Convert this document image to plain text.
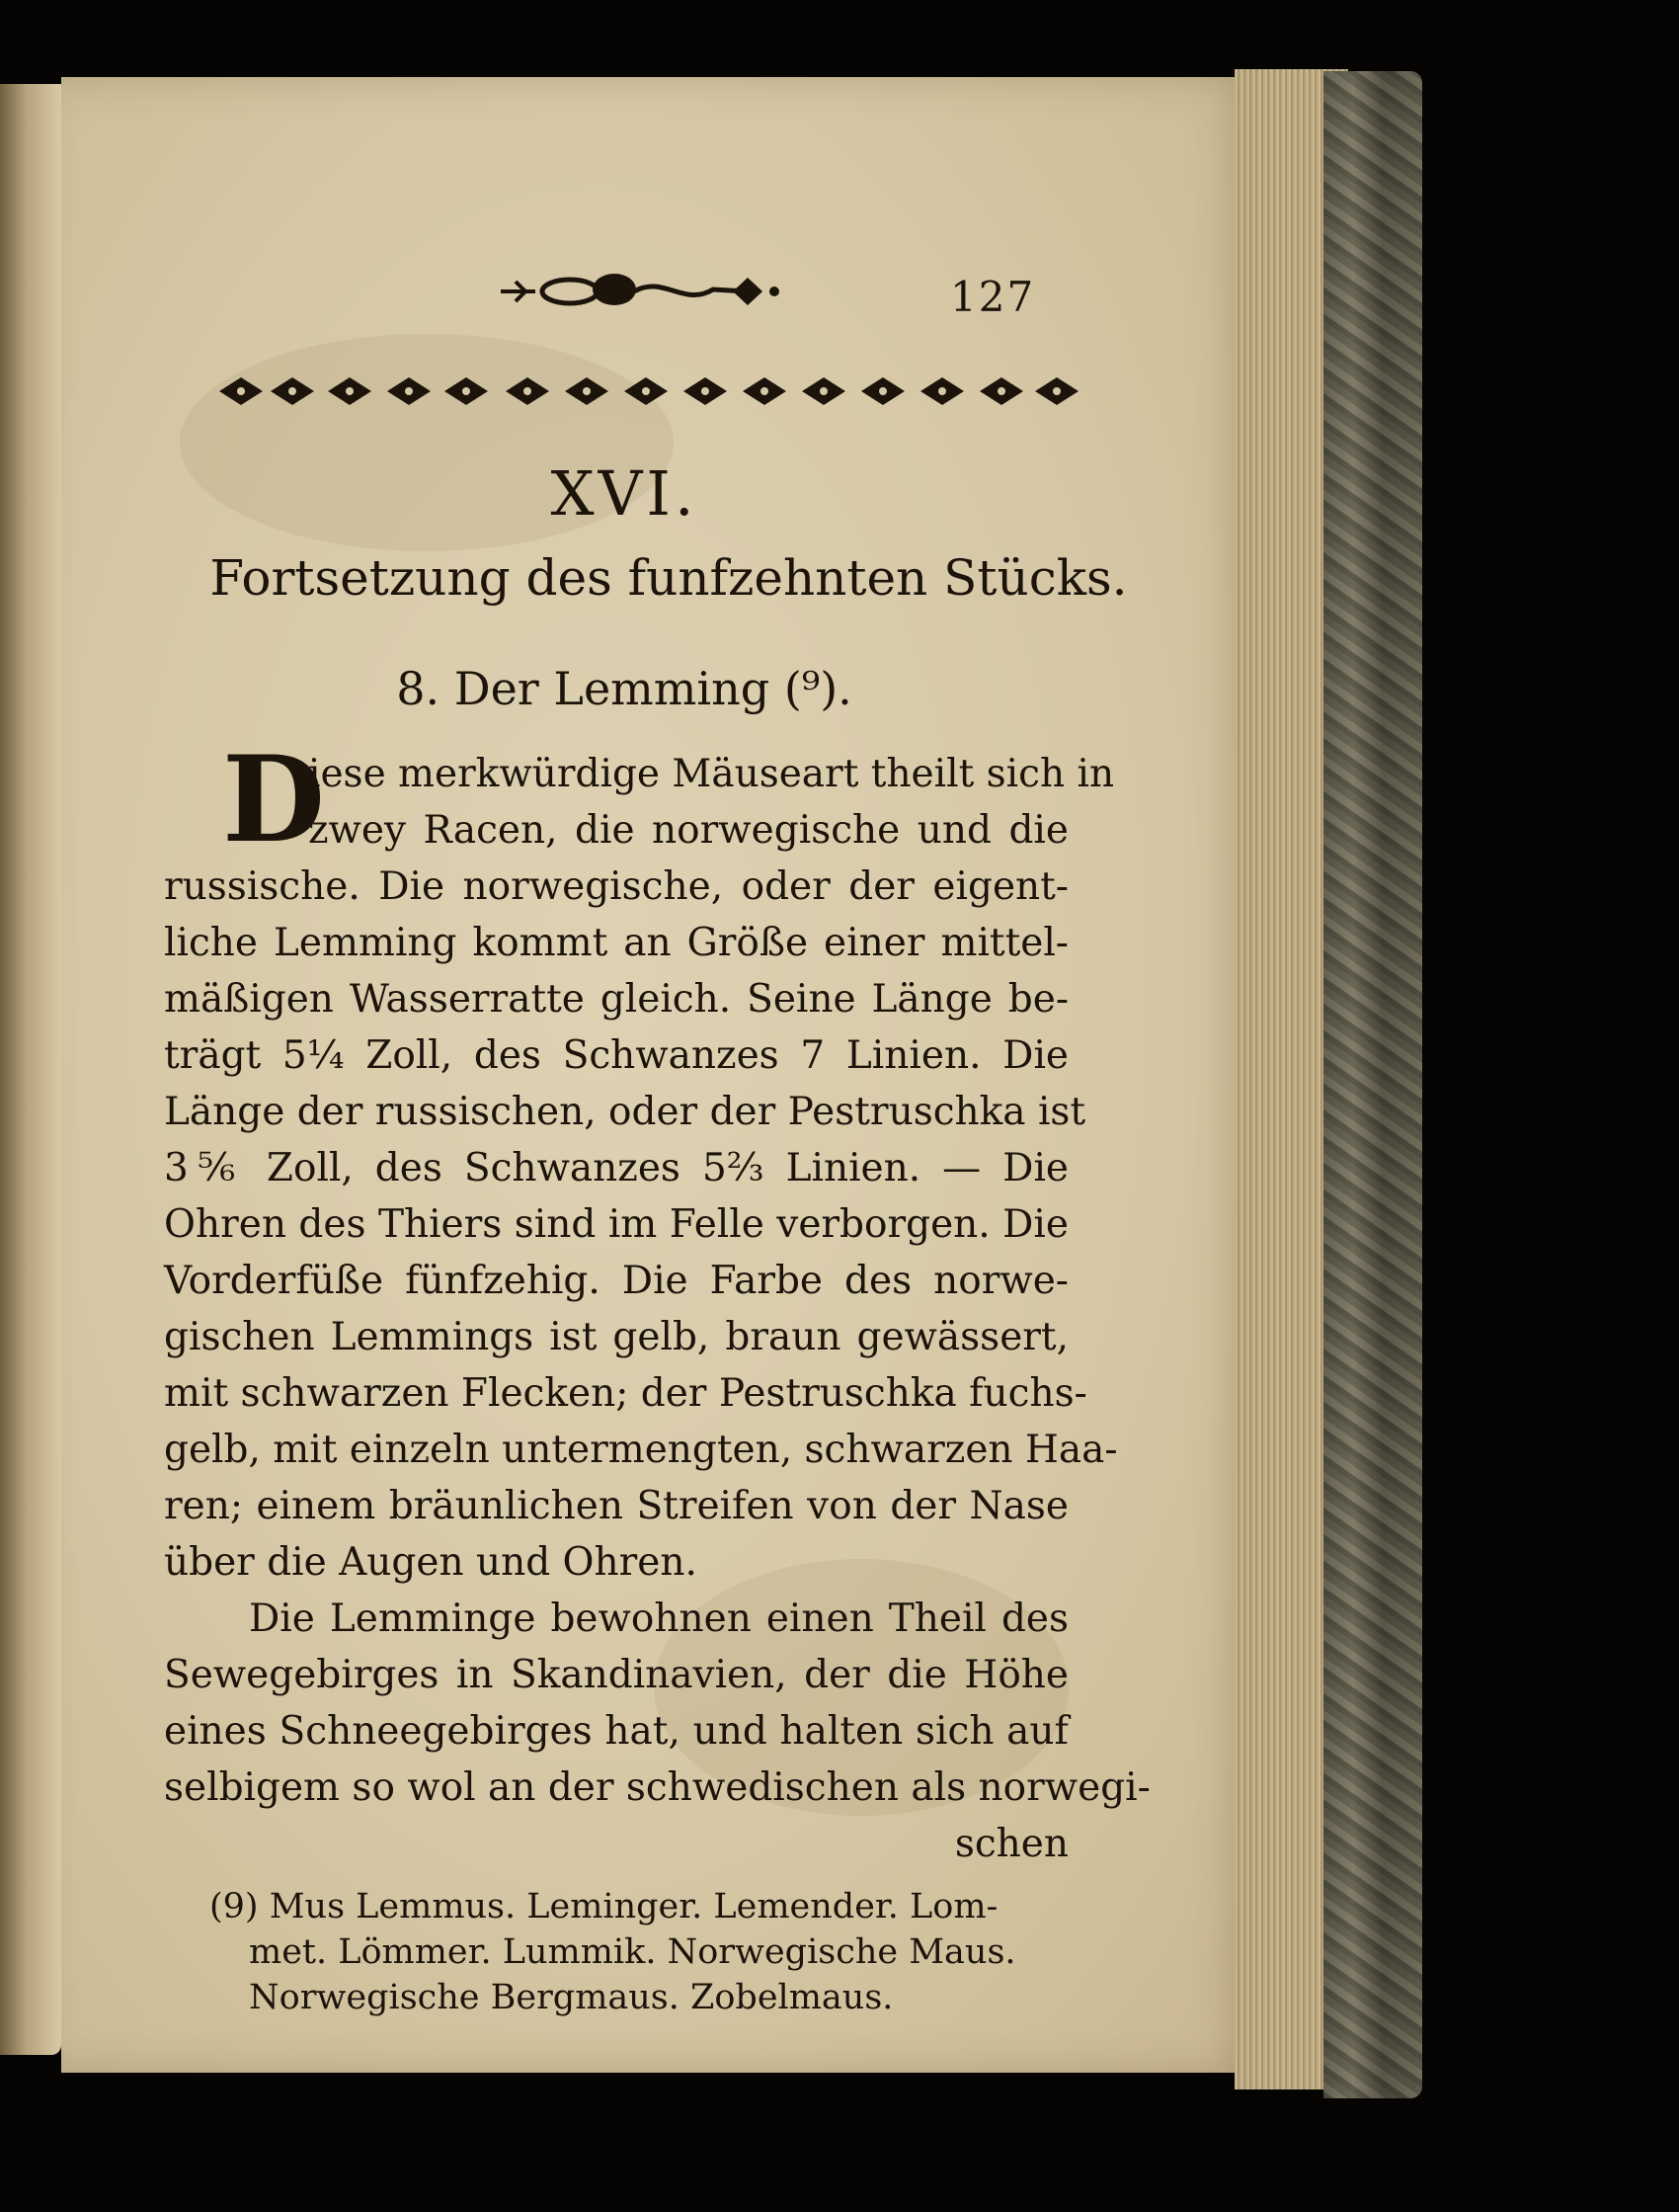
127
XVI.
Fortsetzung des funfzehnten Stücks.
8. Der Lemming (⁹).
D
iese merkwürdige Mäuseart theilt sich in
zwey Racen, die norwegische und die
russische. Die norwegische, oder der eigent-
liche Lemming kommt an Größe einer mittel-
mäßigen Wasserratte gleich. Seine Länge be-
trägt 5¼ Zoll, des Schwanzes 7 Linien. Die
Länge der russischen, oder der Pestruschka ist
3⅚ Zoll, des Schwanzes 5⅔ Linien. — Die
Ohren des Thiers sind im Felle verborgen. Die
Vorderfüße fünfzehig. Die Farbe des norwe-
gischen Lemmings ist gelb, braun gewässert,
mit schwarzen Flecken; der Pestruschka fuchs-
gelb, mit einzeln untermengten, schwarzen Haa-
ren; einem bräunlichen Streifen von der Nase
über die Augen und Ohren.
Die Lemminge bewohnen einen Theil des
Sewegebirges in Skandinavien, der die Höhe
eines Schneegebirges hat, und halten sich auf
selbigem so wol an der schwedischen als norwegi-
schen
(9) Mus Lemmus. Leminger. Lemender. Lom-
met. Lömmer. Lummik. Norwegische Maus.
Norwegische Bergmaus. Zobelmaus.
